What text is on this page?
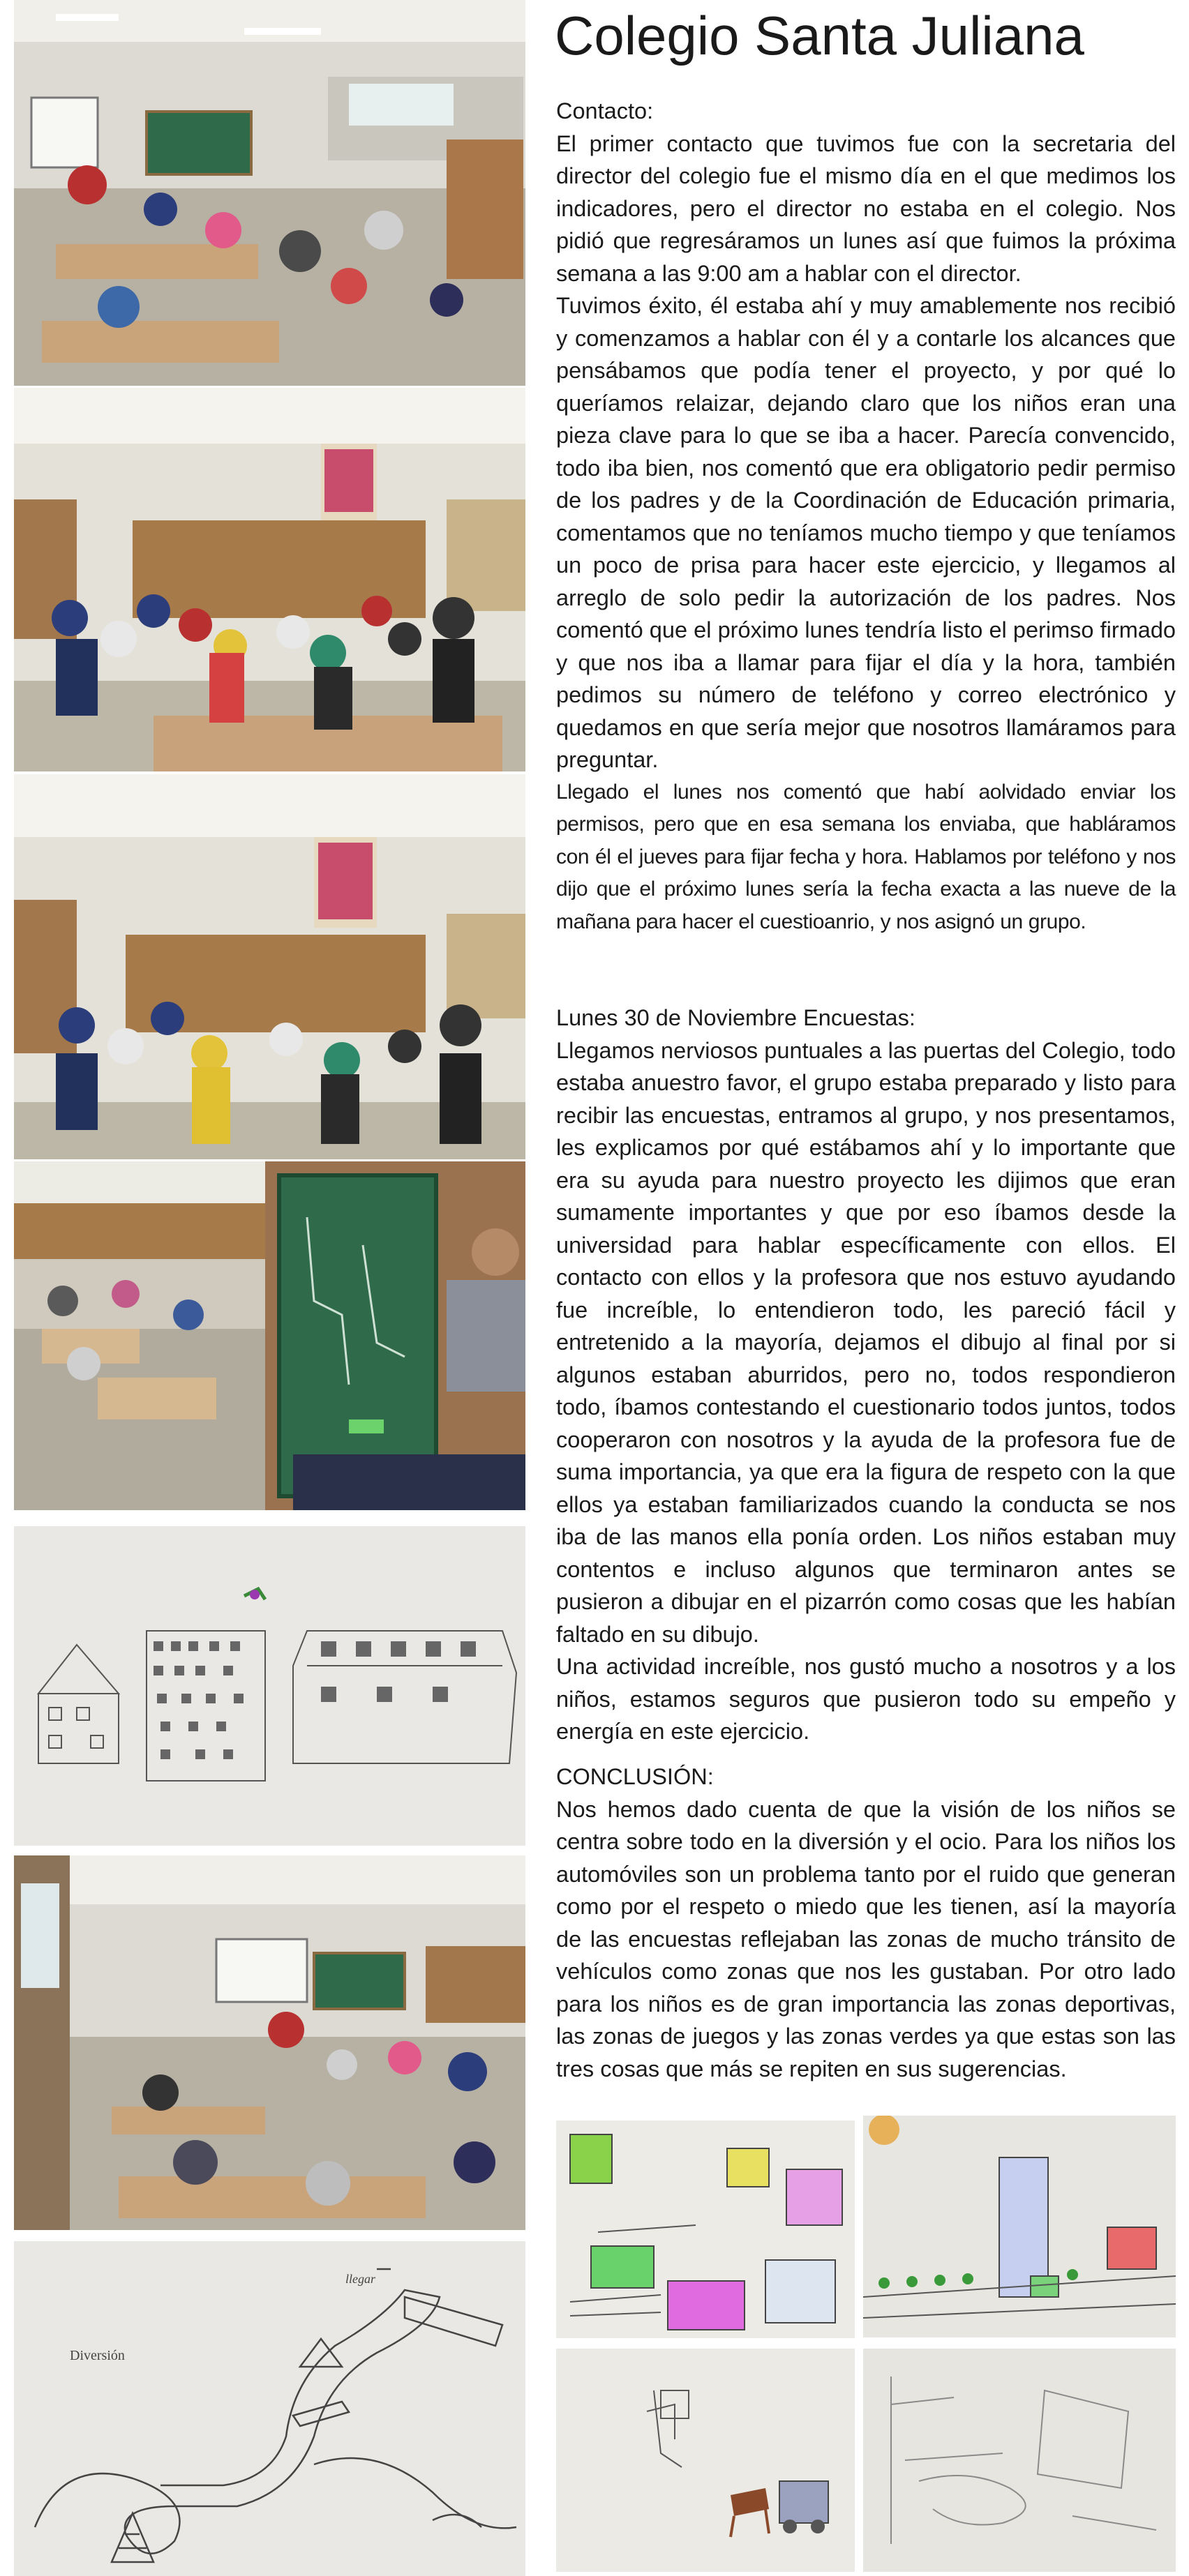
Diversión
llegar
Colegio Santa Juliana

Contacto:

El primer contacto que tuvimos fue con la secretaria del director del colegio fue el mismo día en el que medimos los indicadores, pero el director no estaba en el colegio. Nos pidió que regresáramos un lunes así que fuimos la próxima semana a las 9:00 am a hablar con el director.

Tuvimos éxito, él estaba ahí y muy amablemente nos recibió y comenzamos a hablar con él y a contarle los alcances que pensábamos que podía tener el proyecto, y por qué lo queríamos relaizar, dejando claro que los niños eran una pieza clave para lo que se iba a hacer. Parecía convencido, todo iba bien, nos comentó que era obligatorio pedir permiso de los padres y de la Coordinación de Educación primaria, comentamos que no teníamos mucho tiempo y que teníamos un poco de prisa para hacer este ejercicio, y llegamos al arreglo de solo pedir la autorización de los padres. Nos comentó que el próximo lunes tendría listo el perimso firmado y que nos iba a llamar para fijar el día y la hora, también pedimos su número de teléfono y correo electrónico y quedamos en que sería mejor que nosotros llamáramos para preguntar.

Llegado el lunes nos comentó que habí aolvidado enviar los permisos, pero que en esa semana los enviaba, que habláramos con él el jueves para fijar fecha y hora. Hablamos por teléfono y nos dijo que el próximo lunes sería la fecha exacta a las nueve de la mañana para hacer el cuestioanrio, y nos asignó un grupo.

Lunes 30 de Noviembre Encuestas:

Llegamos nerviosos puntuales a las puertas del Colegio, todo estaba anuestro favor, el grupo estaba preparado y listo para recibir las encuestas, entramos al grupo, y nos presentamos, les explicamos por qué estábamos ahí y lo importante que era su ayuda para nuestro proyecto les dijimos que eran sumamente importantes y que por eso íbamos desde la universidad para hablar específicamente con ellos. El contacto con ellos y la profesora que nos estuvo ayudando fue increíble, lo entendieron todo, les pareció fácil y entretenido a la mayoría, dejamos el dibujo al final por si algunos estaban aburridos, pero no, todos respondieron todo, íbamos contestando el cuestionario todos juntos, todos cooperaron con nosotros y la ayuda de la profesora fue de suma importancia, ya que era la figura de respeto con la que ellos ya estaban familiarizados cuando la conducta se nos iba de las manos ella ponía orden. Los niños estaban muy contentos e incluso algunos que terminaron antes se pusieron a dibujar en el pizarrón como cosas que les habían faltado en su dibujo.

Una actividad increíble, nos gustó mucho a nosotros y a los niños, estamos seguros que pusieron todo su empeño y energía en este ejercicio.

CONCLUSIÓN:

Nos hemos dado cuenta de que la visión de los niños se centra sobre todo en la diversión y el ocio. Para los niños los automóviles son un problema tanto por el ruido que generan como por el respeto o miedo que les tienen, así la mayoría de las encuestas reflejaban las zonas de mucho tránsito de vehículos como zonas que nos les gustaban. Por otro lado para los niños es de gran importancia las zonas deportivas, las zonas de juegos y las zonas verdes ya que estas son las tres cosas que más se repiten en sus sugerencias.
